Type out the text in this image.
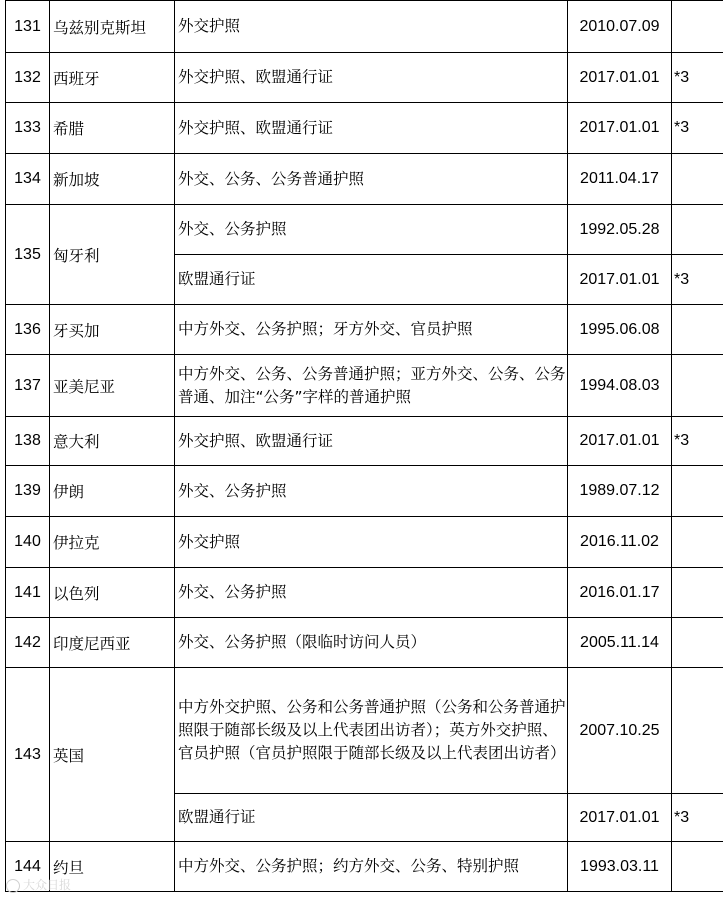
131	乌兹别克斯坦	外交护照	2010.07.09	
132	西班牙	外交护照、欧盟通行证	2017.01.01	*3
133	希腊	外交护照、欧盟通行证	2017.01.01	*3
134	新加坡	外交、公务、公务普通护照	2011.04.17	
135	匈牙利	外交、公务护照	1992.05.28	
		欧盟通行证	2017.01.01	*3
136	牙买加	中方外交、公务护照；牙方外交、官员护照	1995.06.08	
137	亚美尼亚	中方外交、公务、公务普通护照；亚方外交、公务、公务普通、加注“公务”字样的普通护照	1994.08.03	
138	意大利	外交护照、欧盟通行证	2017.01.01	*3
139	伊朗	外交、公务护照	1989.07.12	
140	伊拉克	外交护照	2016.11.02	
141	以色列	外交、公务护照	2016.01.17	
142	印度尼西亚	外交、公务护照（限临时访问人员）	2005.11.14	
143	英国	中方外交护照、公务和公务普通护照（公务和公务普通护照限于随部长级及以上代表团出访者）；英方外交护照、官员护照（官员护照限于随部长级及以上代表团出访者）	2007.10.25	
		欧盟通行证	2017.01.01	*3
144	约旦	中方外交、公务护照；约方外交、公务、特别护照	1993.03.11	
大众日报
